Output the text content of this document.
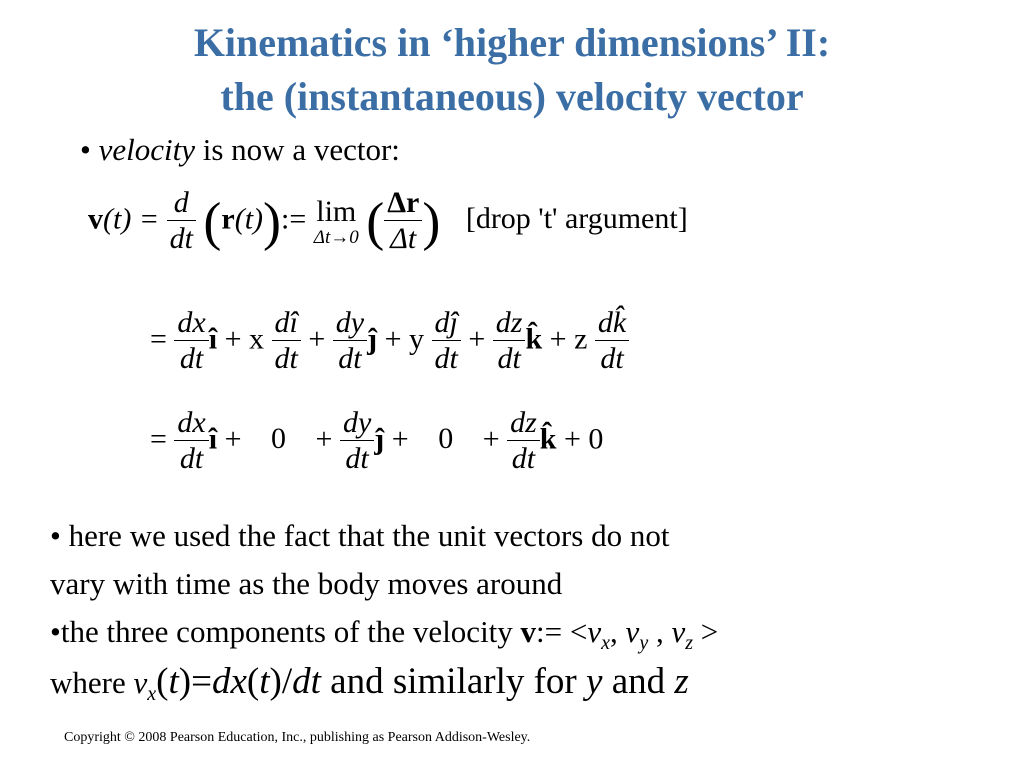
Kinematics in ‘higher dimensions’ II:
the (instantaneous) velocity vector
• velocity is now a vector:
$v(t) = \frac{d}{dt}$ (r(t)):= lim
Δt→0 ( $\frac{\Delta r}{\Delta t}$ ) [drop 't' argument]
= $\frac{dx}{dt}$ î + x $\frac{dî}{dt} + \frac{dy}{dt}$ ĵ + y $\frac{dĵ}{dt} + \frac{dz}{dt}$ k̂ + z $\frac{dk̂}{dt}$
= $\frac{dx}{dt}$ î + $0 + \frac{dy}{dt}$ ĵ + $0 + \frac{dz}{dt}$ k̂ + 0
• here we used the fact that the unit vectors do not
vary with time as the body moves around
•the three components of the velocity v:= $<v_x$, $v_y$ , $v_z$ >
where $v_x(t)=dx(t)/dt$ and similarly for y and z
Copyright © 2008 Pearson Education, Inc., publishing as Pearson Addison-Wesley.
